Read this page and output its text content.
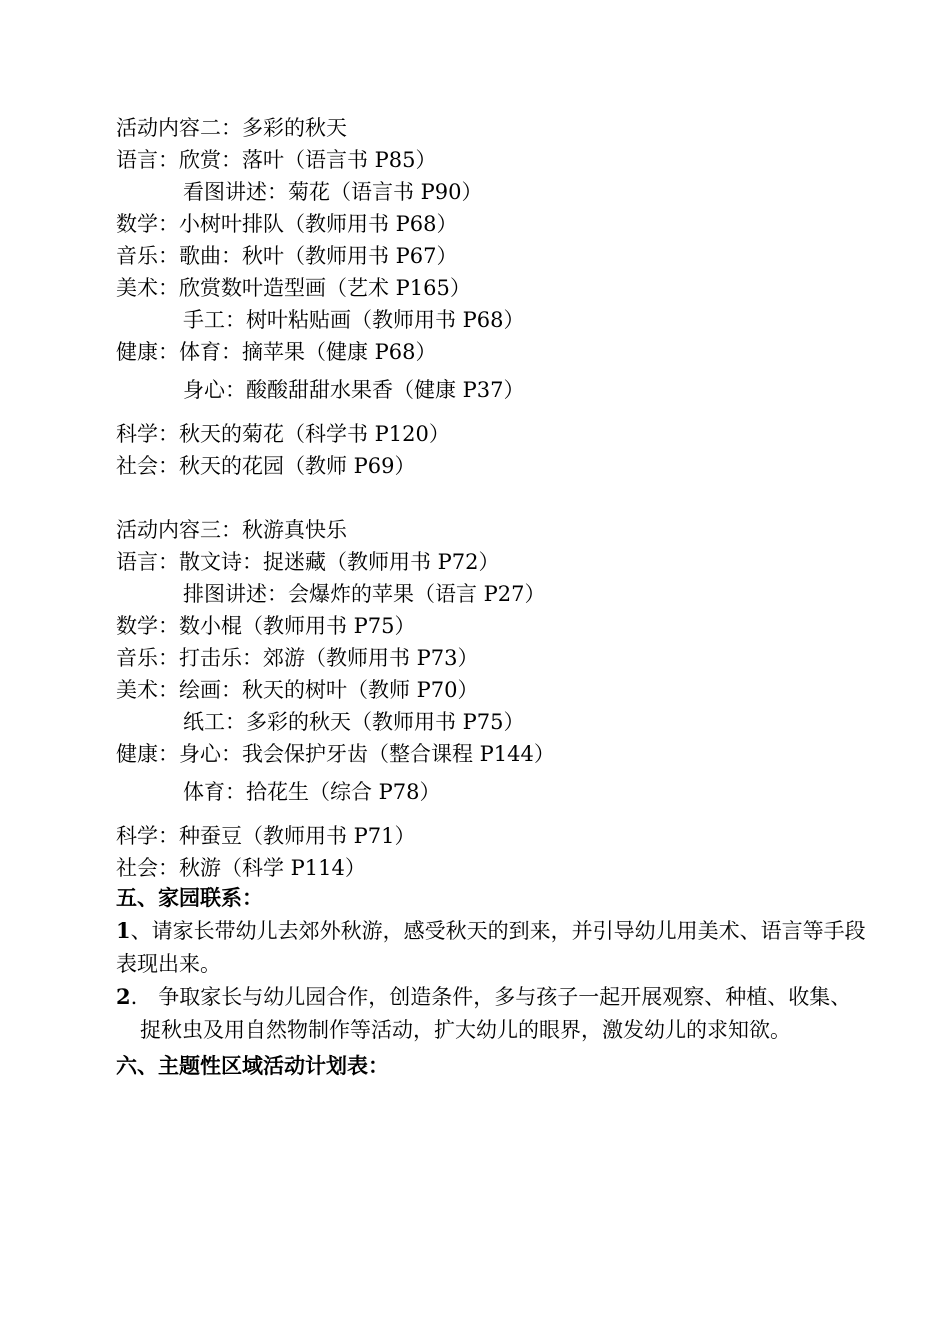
活动内容二：多彩的秋天
语言：欣赏：落叶（语言书 P85）
看图讲述：菊花（语言书 P90）
数学：小树叶排队（教师用书 P68）
音乐：歌曲：秋叶（教师用书 P67）
美术：欣赏数叶造型画（艺术 P165）
手工：树叶粘贴画（教师用书 P68）
健康：体育：摘苹果（健康 P68）
身心：酸酸甜甜水果香（健康 P37）
科学：秋天的菊花（科学书 P120）
社会：秋天的花园（教师 P69）
活动内容三：秋游真快乐
语言：散文诗：捉迷藏（教师用书 P72）
排图讲述：会爆炸的苹果（语言 P27）
数学：数小棍（教师用书 P75）
音乐：打击乐：郊游（教师用书 P73）
美术：绘画：秋天的树叶（教师 P70）
纸工：多彩的秋天（教师用书 P75）
健康：身心：我会保护牙齿（整合课程 P144）
体育：拾花生（综合 P78）
科学：种蚕豆（教师用书 P71）
社会：秋游（科学 P114）
五、家园联系：
1、请家长带幼儿去郊外秋游，感受秋天的到来，并引导幼儿用美术、语言等手段表现出来。
2.　争取家长与幼儿园合作，创造条件，多与孩子一起开展观察、种植、收集、捉秋虫及用自然物制作等活动，扩大幼儿的眼界，激发幼儿的求知欲。
六、主题性区域活动计划表：
